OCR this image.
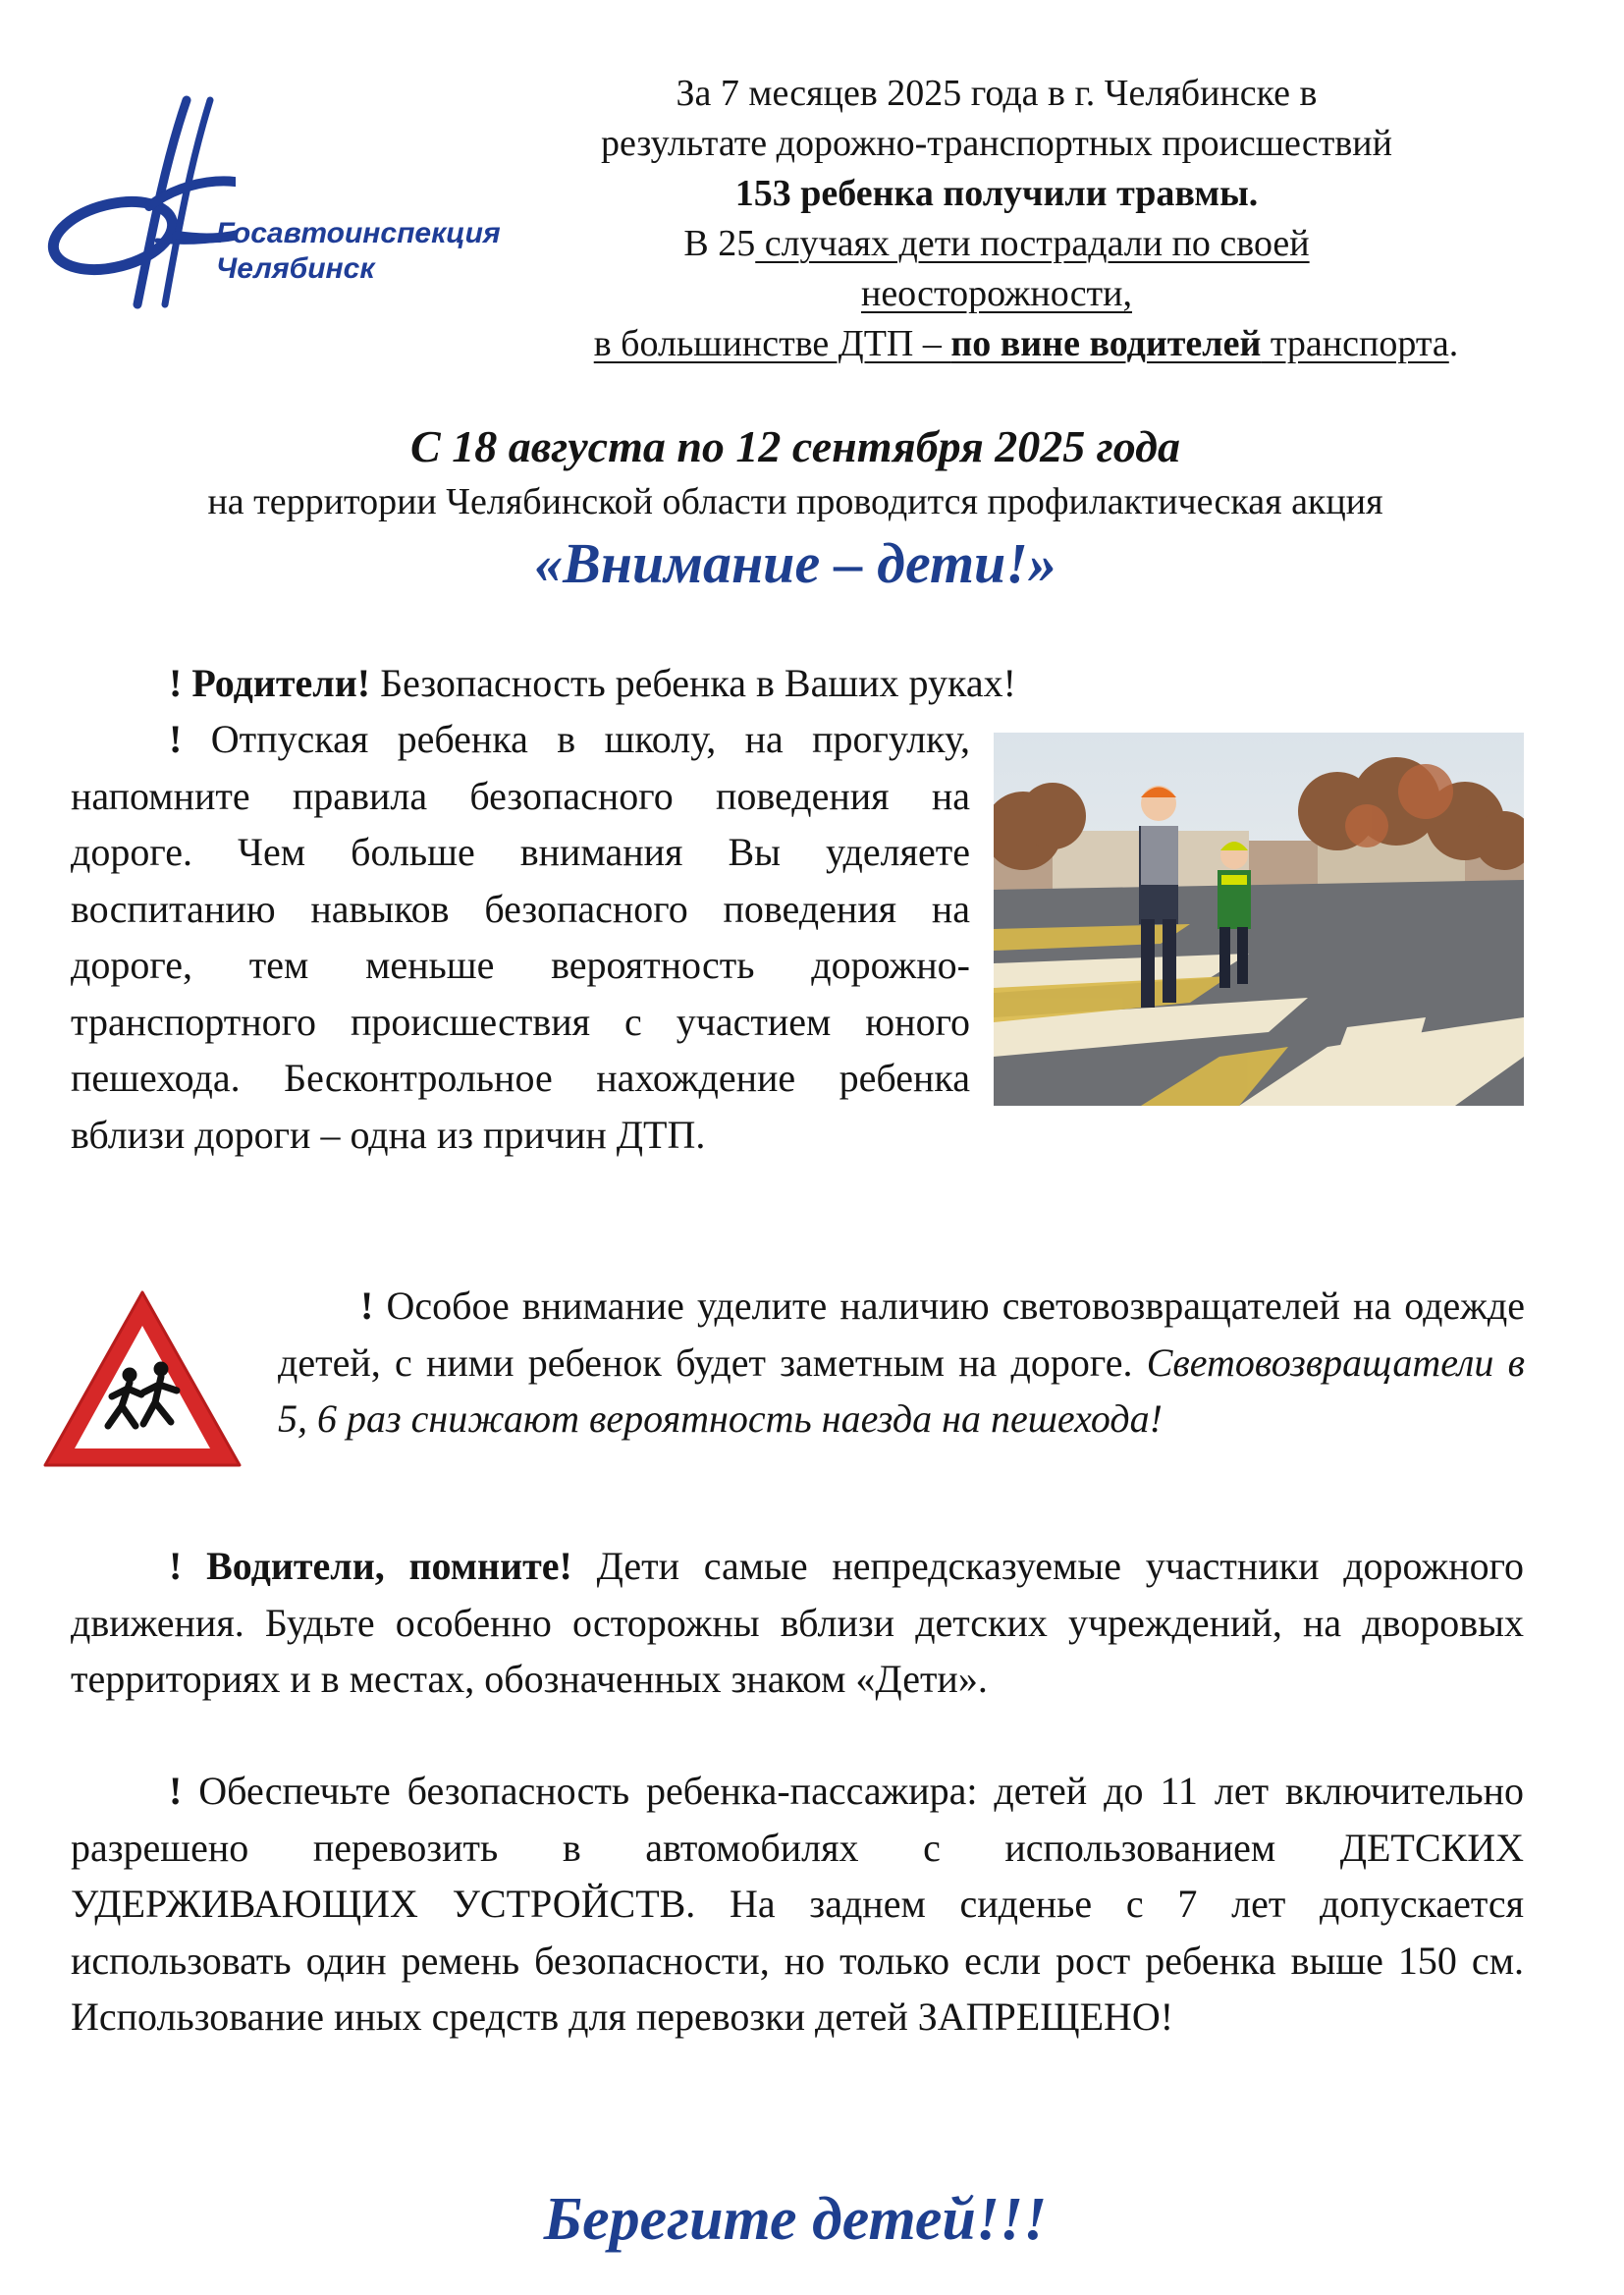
Госавтоинспекция
Челябинск
За 7 месяцев 2025 года в г. Челябинске в
результате дорожно-транспортных происшествий
153 ребенка получили травмы.
В 25 случаях дети пострадали по своей
неосторожности,
в большинстве ДТП – по вине водителей транспорта.
С 18 августа по 12 сентября 2025 года
на территории Челябинской области проводится профилактическая акция
«Внимание – дети!»
! Родители! Безопасность ребенка в Ваших руках!
! Отпуская ребенка в школу, на прогулку, напомните правила безопасного поведения на дороге. Чем больше внимания Вы уделяете воспитанию навыков безопасного поведения на дороге, тем меньше вероятность дорожно-транспортного происшествия с участием юного пешехода. Бесконтрольное нахождение ребенка вблизи дороги – одна из причин ДТП.
! Особое внимание уделите наличию световозвращателей на одежде детей, с ними ребенок будет заметным на дороге. Световозвращатели в 5, 6 раз снижают вероятность наезда на пешехода!
! Водители, помните! Дети самые непредсказуемые участники дорожного движения. Будьте особенно осторожны вблизи детских учреждений, на дворовых территориях и в местах, обозначенных знаком «Дети».
! Обеспечьте безопасность ребенка-пассажира: детей до 11 лет включительно разрешено перевозить в автомобилях с использованием ДЕТСКИХ УДЕРЖИВАЮЩИХ УСТРОЙСТВ. На заднем сиденье с 7 лет допускается использовать один ремень безопасности, но только если рост ребенка выше 150 см. Использование иных средств для перевозки детей ЗАПРЕЩЕНО!
Берегите детей!!!
